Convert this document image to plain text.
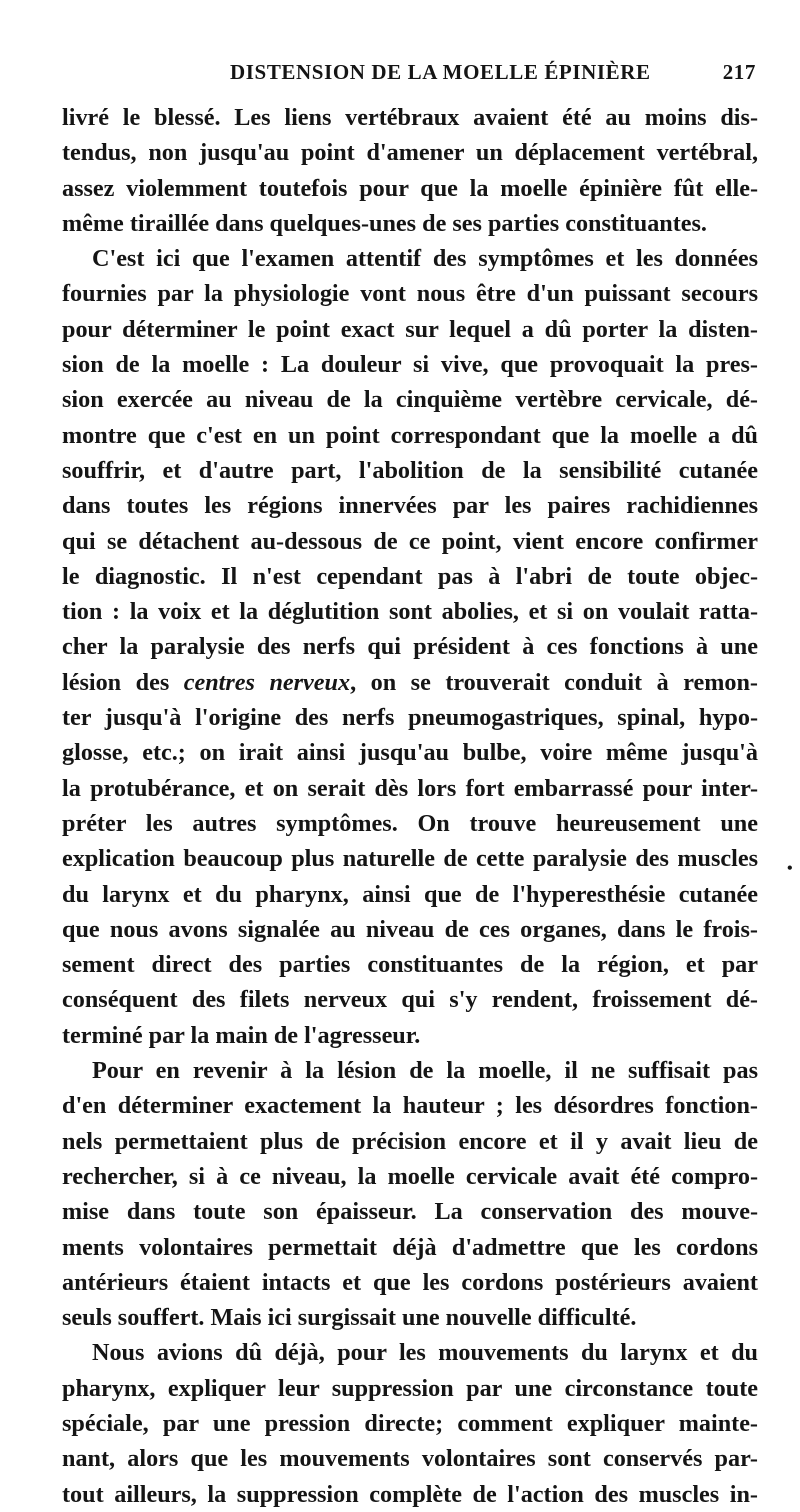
DISTENSION DE LA MOELLE ÉPINIÈRE	217
livré le blessé. Les liens vertébraux avaient été au moins dis-
tendus, non jusqu'au point d'amener un déplacement vertébral,
assez violemment toutefois pour que la moelle épinière fût elle-
même tiraillée dans quelques-unes de ses parties constituantes.
C'est ici que l'examen attentif des symptômes et les données
fournies par la physiologie vont nous être d'un puissant secours
pour déterminer le point exact sur lequel a dû porter la disten-
sion de la moelle : La douleur si vive, que provoquait la pres-
sion exercée au niveau de la cinquième vertèbre cervicale, dé-
montre que c'est en un point correspondant que la moelle a dû
souffrir, et d'autre part, l'abolition de la sensibilité cutanée
dans toutes les régions innervées par les paires rachidiennes
qui se détachent au-dessous de ce point, vient encore confirmer
le diagnostic. Il n'est cependant pas à l'abri de toute objec-
tion : la voix et la déglutition sont abolies, et si on voulait ratta-
cher la paralysie des nerfs qui président à ces fonctions à une
lésion des centres nerveux, on se trouverait conduit à remon-
ter jusqu'à l'origine des nerfs pneumogastriques, spinal, hypo-
glosse, etc.; on irait ainsi jusqu'au bulbe, voire même jusqu'à
la protubérance, et on serait dès lors fort embarrassé pour inter-
préter les autres symptômes. On trouve heureusement une
explication beaucoup plus naturelle de cette paralysie des muscles
du larynx et du pharynx, ainsi que de l'hyperesthésie cutanée
que nous avons signalée au niveau de ces organes, dans le frois-
sement direct des parties constituantes de la région, et par
conséquent des filets nerveux qui s'y rendent, froissement dé-
terminé par la main de l'agresseur.
Pour en revenir à la lésion de la moelle, il ne suffisait pas
d'en déterminer exactement la hauteur ; les désordres fonction-
nels permettaient plus de précision encore et il y avait lieu de
rechercher, si à ce niveau, la moelle cervicale avait été compro-
mise dans toute son épaisseur. La conservation des mouve-
ments volontaires permettait déjà d'admettre que les cordons
antérieurs étaient intacts et que les cordons postérieurs avaient
seuls souffert. Mais ici surgissait une nouvelle difficulté.
Nous avions dû déjà, pour les mouvements du larynx et du
pharynx, expliquer leur suppression par une circonstance toute
spéciale, par une pression directe; comment expliquer mainte-
nant, alors que les mouvements volontaires sont conservés par-
tout ailleurs, la suppression complète de l'action des muscles in-
•
